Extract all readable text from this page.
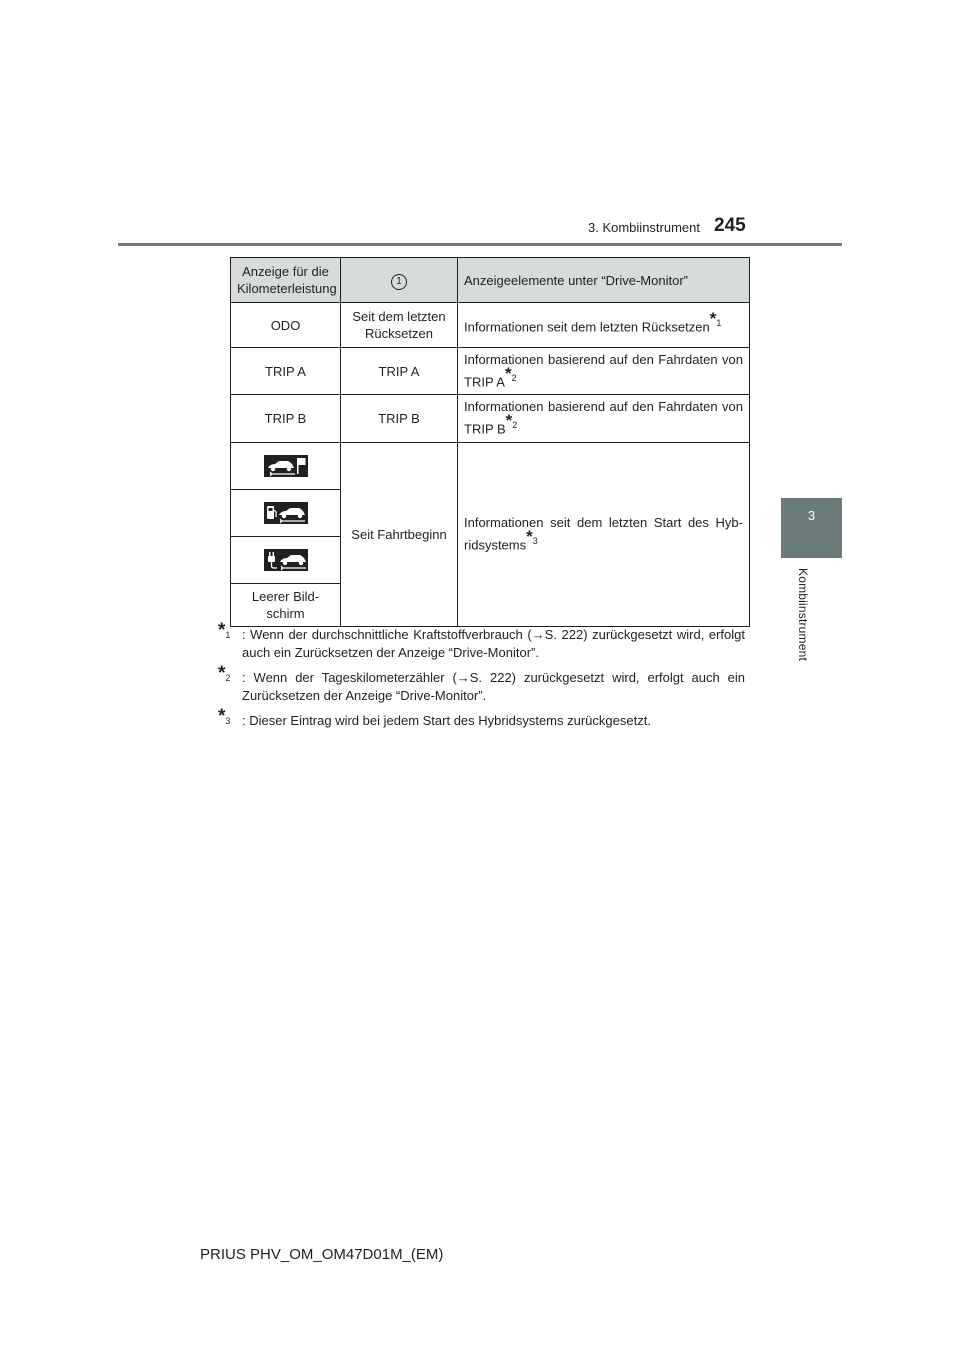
3. Kombiinstrument 245
3
Kombiinstrument
Anzeige für die Kilometerleistung	1	Anzeigeelemente unter “Drive-Monitor”
ODO	Seit dem letzten Rücksetzen	Informationen seit dem letzten Rücksetzen*$^1$
TRIP A	TRIP A	Informationen basierend auf den Fahrdaten von TRIP A*$^2$
TRIP B	TRIP B	Informationen basierend auf den Fahrdaten von TRIP B*$^2$

	Seit Fahrtbeginn	Informationen seit dem letzten Start des Hyb-ridsystems*$^3$

Leerer Bild-schirm		
*$^1$ : Wenn der durchschnittliche Kraftstoffverbrauch (→S. 222) zurückgesetzt wird, erfolgt auch ein Zurücksetzen der Anzeige “Drive-Monitor”.
*$^2$ : Wenn der Tageskilometerzähler (→S. 222) zurückgesetzt wird, erfolgt auch ein Zurücksetzen der Anzeige “Drive-Monitor”.
*$^3$ : Dieser Eintrag wird bei jedem Start des Hybridsystems zurückgesetzt.
PRIUS PHV_OM_OM47D01M_(EM)
